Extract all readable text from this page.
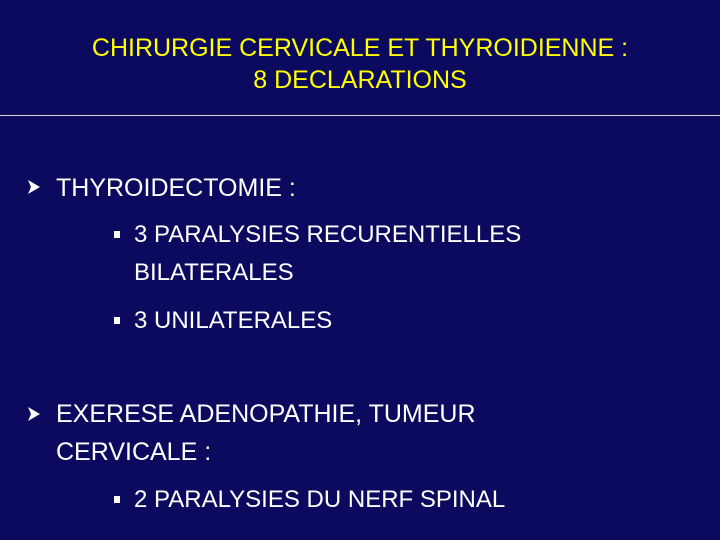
CHIRURGIE CERVICALE ET THYROIDIENNE :
8 DECLARATIONS
THYROIDECTOMIE :
3 PARALYSIES RECURENTIELLES
BILATERALES
3 UNILATERALES
EXERESE ADENOPATHIE, TUMEUR
CERVICALE :
2 PARALYSIES DU NERF SPINAL
